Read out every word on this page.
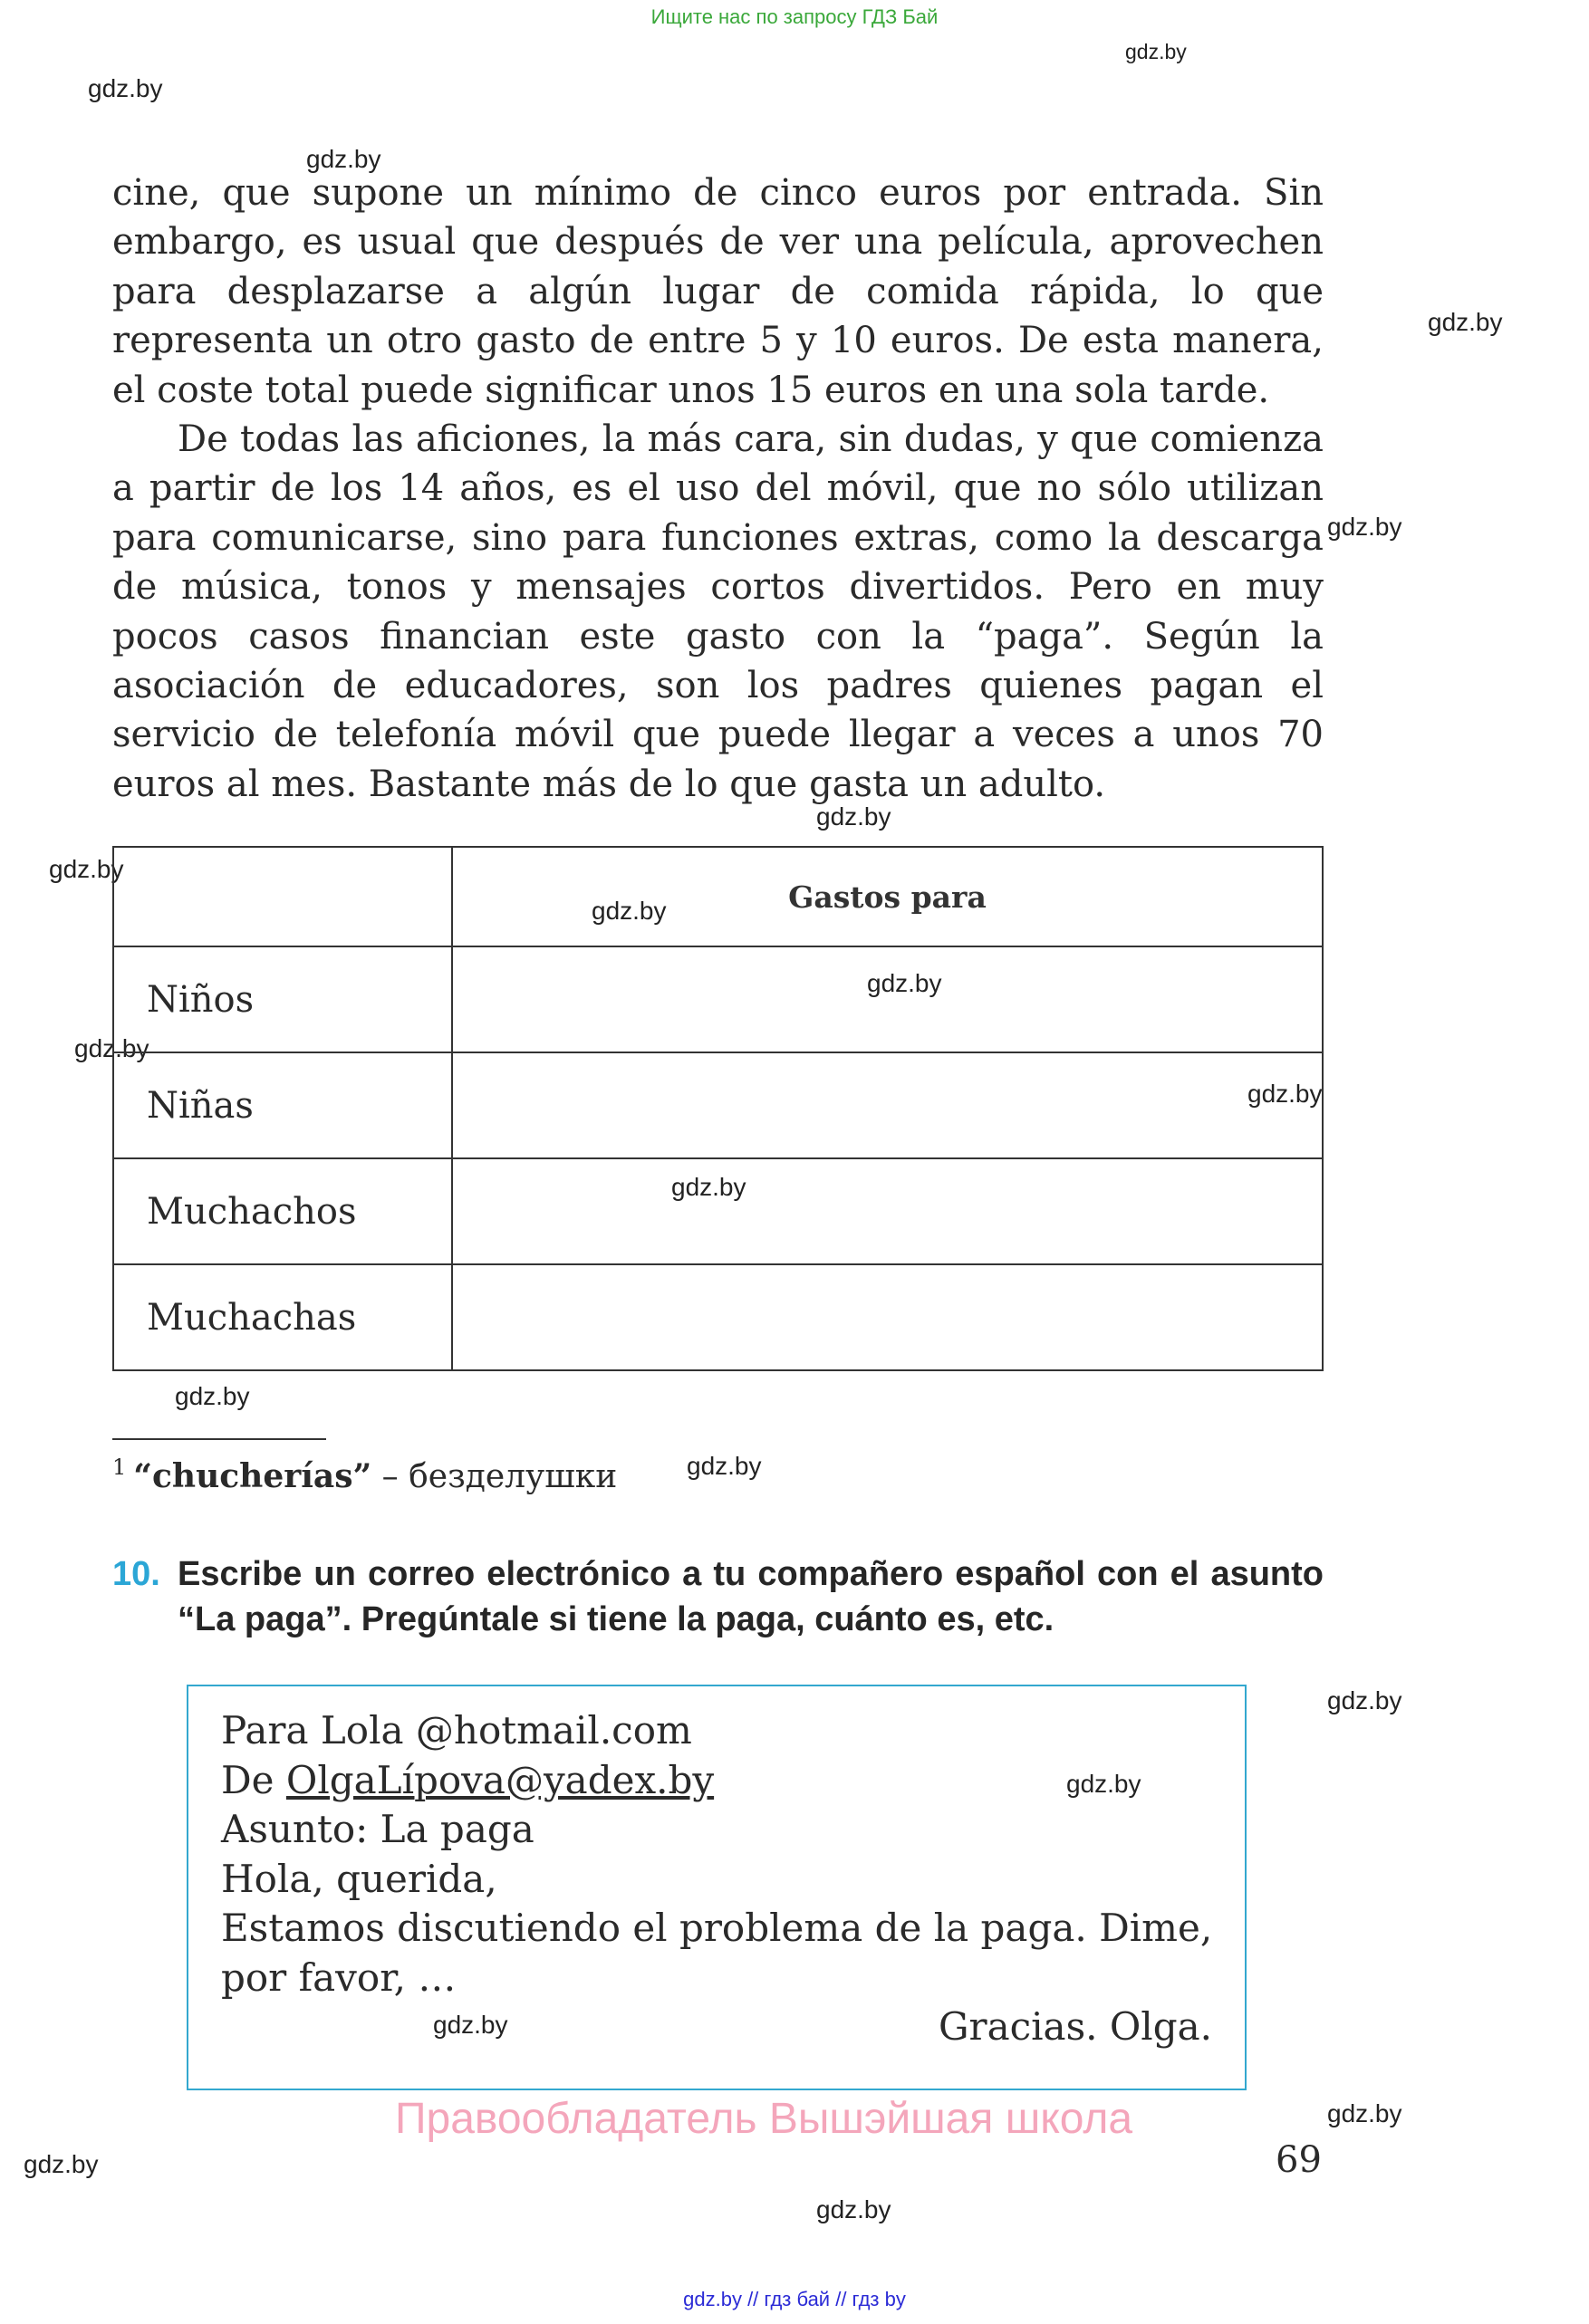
Ищите нас по запросу ГДЗ Бай
gdz.by
gdz.by
gdz.by
gdz.by
gdz.by
gdz.by
gdz.by
gdz.by
gdz.by
gdz.by
gdz.by
gdz.by
gdz.by
gdz.by
gdz.by
gdz.by
gdz.by
gdz.by
gdz.by
gdz.by

cine, que supone un mínimo de cinco euros por entrada. Sin embargo, es usual que después de ver una película, aprovechen para desplazarse a algún lugar de comida rápida, lo que representa un otro gasto de entre 5 y 10 euros. De esta manera, el coste total puede significar unos 15 euros en una sola tarde.

De todas las aficiones, la más cara, sin dudas, y que comienza a partir de los 14 años, es el uso del móvil, que no sólo utilizan para comunicarse, sino para funciones extras, como la descarga de música, tonos y mensajes cortos divertidos. Pero en muy pocos casos financian este gasto con la “paga”. Según la asociación de educadores, son los padres quienes pagan el servicio de telefonía móvil que puede llegar a veces a unos 70 euros al mes. Bastante más de lo que gasta un adulto.

	Gastos para
Niños	
Niñas	
Muchachos	
Muchachas	
$^1$ “chucherías” – безделушки
10. Escribe un correo electrónico a tu compañero español con el asunto “La paga”. Pregúntale si tiene la paga, cuánto es, etc.
Para Lola @hotmail.com
De OlgaLípova@yadex.by
Asunto: La paga
Hola, querida,
Estamos discutiendo el problema de la paga. Dime,
por favor, …
Gracias. Olga.
Правообладатель Вышэйшая школа
69
gdz.by // гдз бай // гдз by
